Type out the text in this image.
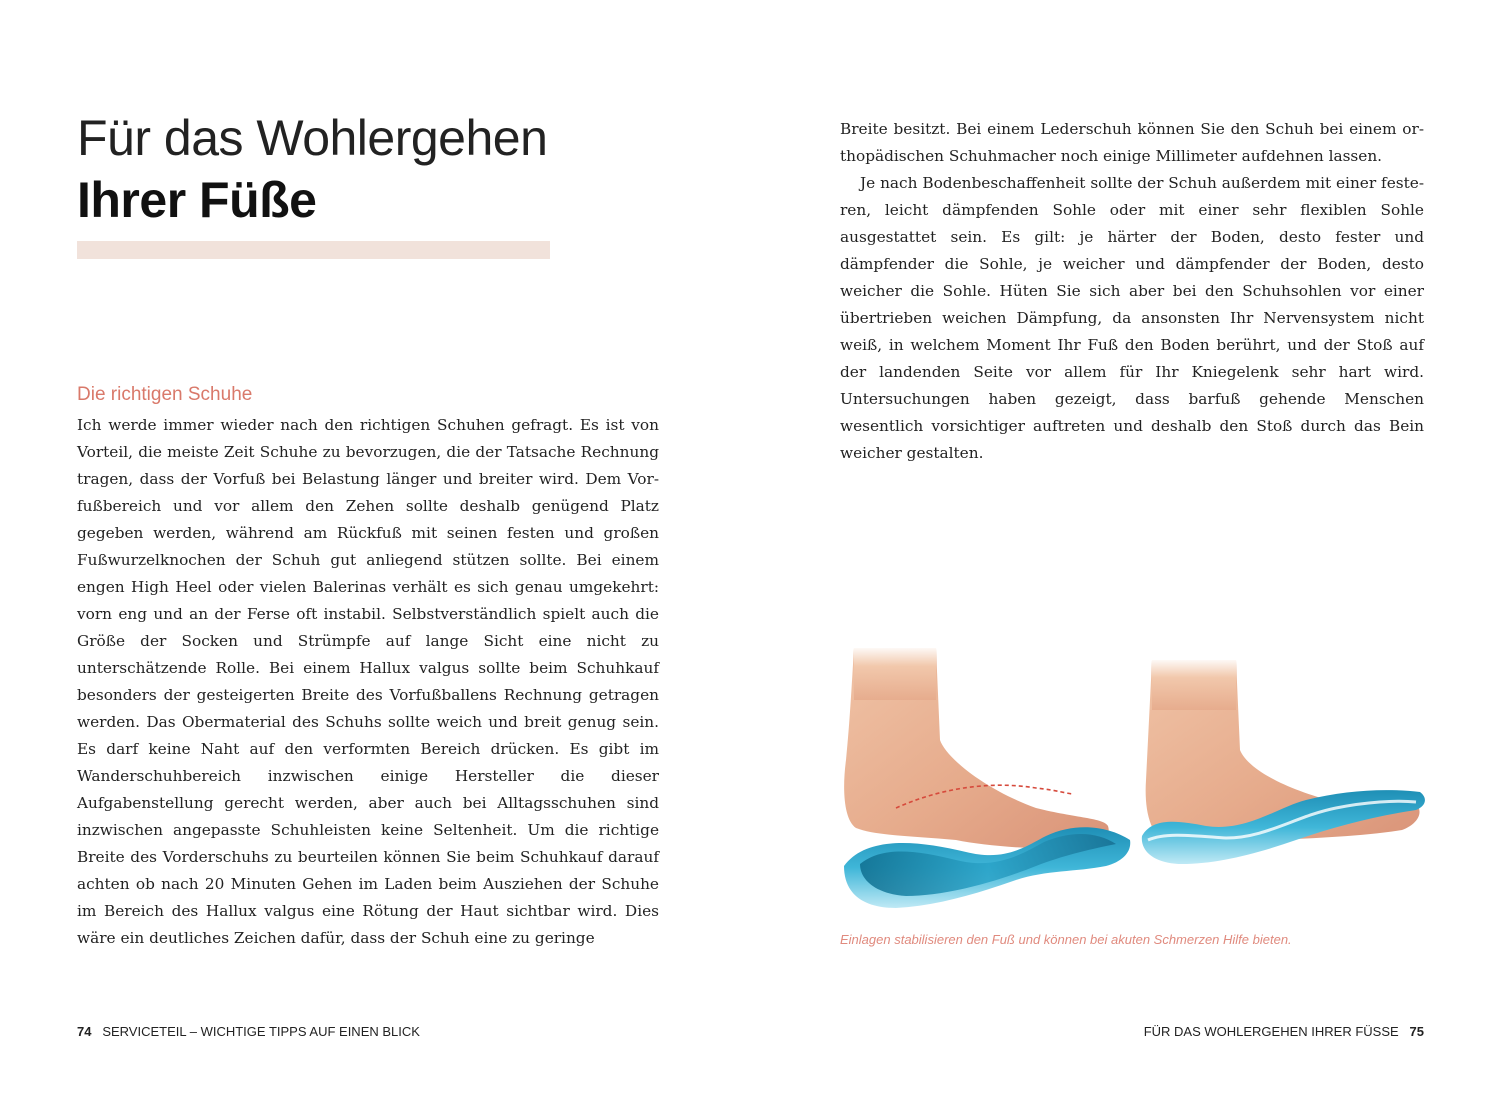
Für das Wohlergehen
Ihrer Füße
Die richtigen Schuhe

Ich werde immer wieder nach den richtigen Schuhen gefragt. Es ist von Vorteil, die meiste Zeit Schuhe zu bevorzugen, die der Tatsache Rechnung tragen, dass der Vorfuß bei Belastung länger und breiter wird. Dem Vorfußbereich und vor allem den Zehen sollte deshalb genügend Platz gegeben werden, während am Rückfuß mit seinen festen und großen Fußwurzelknochen der Schuh gut anliegend stützen sollte. Bei einem engen High Heel oder vielen Balerinas verhält es sich genau umgekehrt: vorn eng und an der Ferse oft instabil. Selbstverständlich spielt auch die Größe der Socken und Strümpfe auf lange Sicht eine nicht zu unterschätzende Rolle. Bei einem Hallux valgus sollte beim Schuhkauf besonders der gesteigerten Breite des Vorfußballens Rechnung getragen werden. Das Obermaterial des Schuhs sollte weich und breit genug sein. Es darf keine Naht auf den verformten Bereich drücken. Es gibt im Wanderschuhbereich inzwischen einige Hersteller die dieser Aufgabenstellung gerecht werden, aber auch bei Alltagsschuhen sind inzwischen angepasste Schuhleisten keine Seltenheit. Um die richtige Breite des Vorderschuhs zu beurteilen können Sie beim Schuhkauf darauf achten ob nach 20 Minuten Gehen im Laden beim Ausziehen der Schuhe im Bereich des Hallux valgus eine Rötung der Haut sichtbar wird. Dies wäre ein deutliches Zeichen dafür, dass der Schuh eine zu geringe

74 SERVICETEIL – WICHTIGE TIPPS AUF EINEN BLICK

Breite besitzt. Bei einem Lederschuh können Sie den Schuh bei einem orthopädischen Schuhmacher noch einige Millimeter aufdehnen lassen.

Je nach Bodenbeschaffenheit sollte der Schuh außerdem mit einer festeren, leicht dämpfenden Sohle oder mit einer sehr flexiblen Sohle ausgestattet sein. Es gilt: je härter der Boden, desto fester und dämpfender die Sohle, je weicher und dämpfender der Boden, desto weicher die Sohle. Hüten Sie sich aber bei den Schuhsohlen vor einer übertrieben weichen Dämpfung, da ansonsten Ihr Nervensystem nicht weiß, in welchem Moment Ihr Fuß den Boden berührt, und der Stoß auf der landenden Seite vor allem für Ihr Kniegelenk sehr hart wird. Untersuchungen haben gezeigt, dass barfuß gehende Menschen wesentlich vorsichtiger auftreten und deshalb den Stoß durch das Bein weicher gestalten.

Einlagen stabilisieren den Fuß und können bei akuten Schmerzen Hilfe bieten.

FÜR DAS WOHLERGEHEN IHRER FÜSSE 75
